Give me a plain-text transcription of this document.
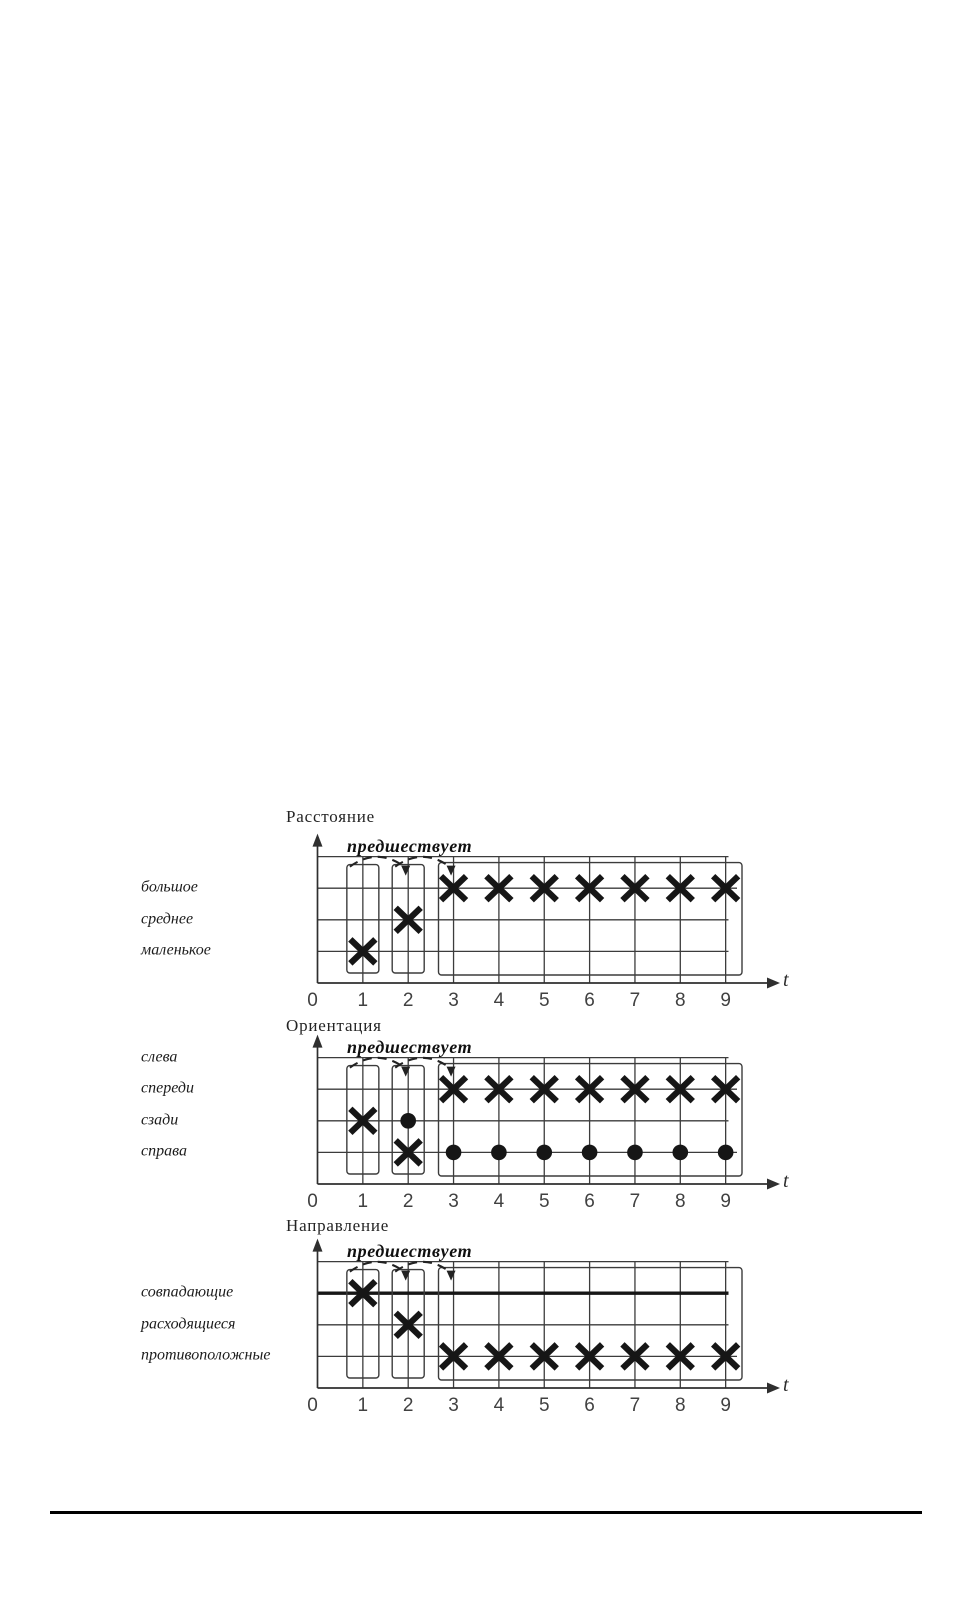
Расстояние
предшествует
большое
среднее
маленькое
0 1 2 3 4 5 6 7 8 9
t
Ориентация
предшествует
слева
спереди
сзади
справа
0 1 2 3 4 5 6 7 8 9
t
Направление
предшествует
совпадающие
расходящиеся
противоположные
0 1 2 3 4 5 6 7 8 9
t
